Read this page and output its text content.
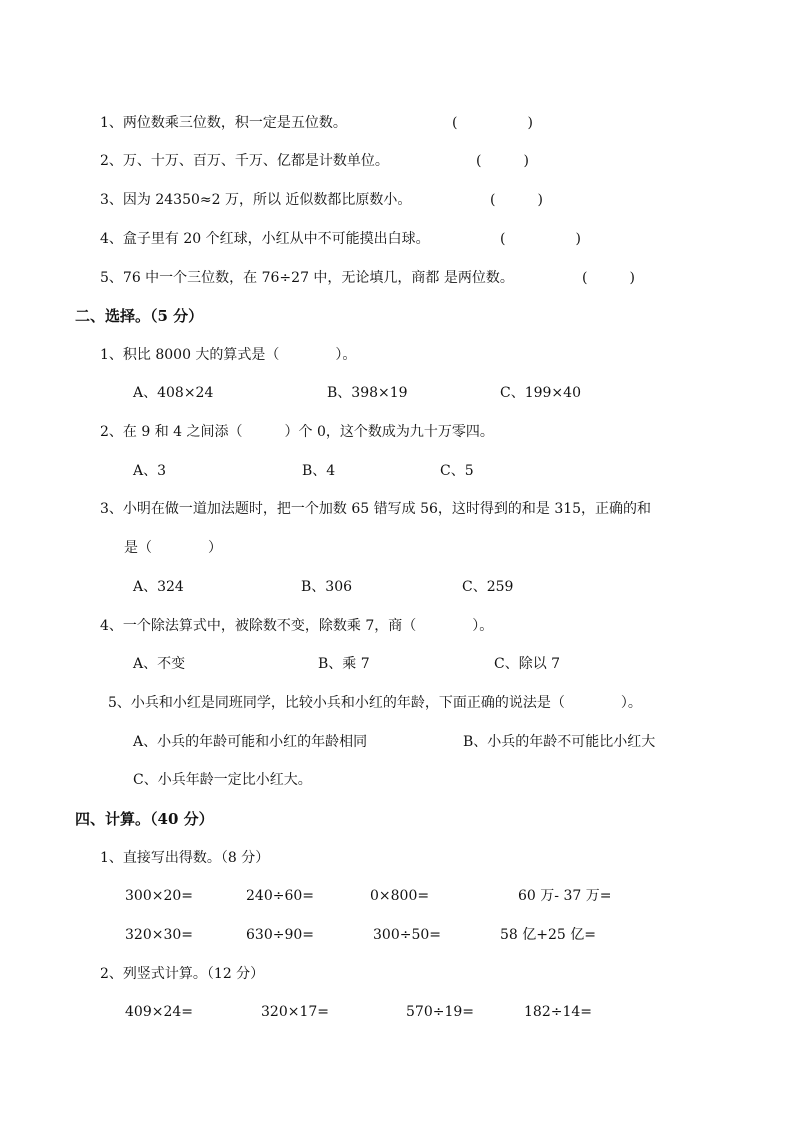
1、两位数乘三位数，积一定是五位数。	(　　　　　)
2、万、十万、百万、千万、亿都是计数单位。	(　　　)
3、因为 24350≈2 万，所以 近似数都比原数小。	(　　　)
4、盒子里有 20 个红球，小红从中不可能摸出白球。	(　　　　　)
5、76 中一个三位数，在 76÷27 中，无论填几，商都 是两位数。	(　　　)
二、选择。（5 分）
1、积比 8000 大的算式是（　　　　）。
A、408×24	B、398×19	C、199×40
2、在 9 和 4 之间添（　　　）个 0，这个数成为九十万零四。
A、3	B、4	C、5
3、小明在做一道加法题时，把一个加数 65 错写成 56，这时得到的和是 315，正确的和
是（　　　　）
A、324	B、306	C、259
4、一个除法算式中，被除数不变，除数乘 7，商（　　　　）。
A、不变	B、乘 7	C、除以 7
5、小兵和小红是同班同学，比较小兵和小红的年龄，下面正确的说法是（　　　　）。
A、小兵的年龄可能和小红的年龄相同	B、小兵的年龄不可能比小红大
C、小兵年龄一定比小红大。
四、计算。（40 分）
1、直接写出得数。（8 分）
300×20=	240÷60=	0×800=	60 万- 37 万=
320×30=	630÷90=	300÷50=	58 亿+25 亿=
2、列竖式计算。（12 分）
409×24=	320×17=	570÷19=	182÷14=
